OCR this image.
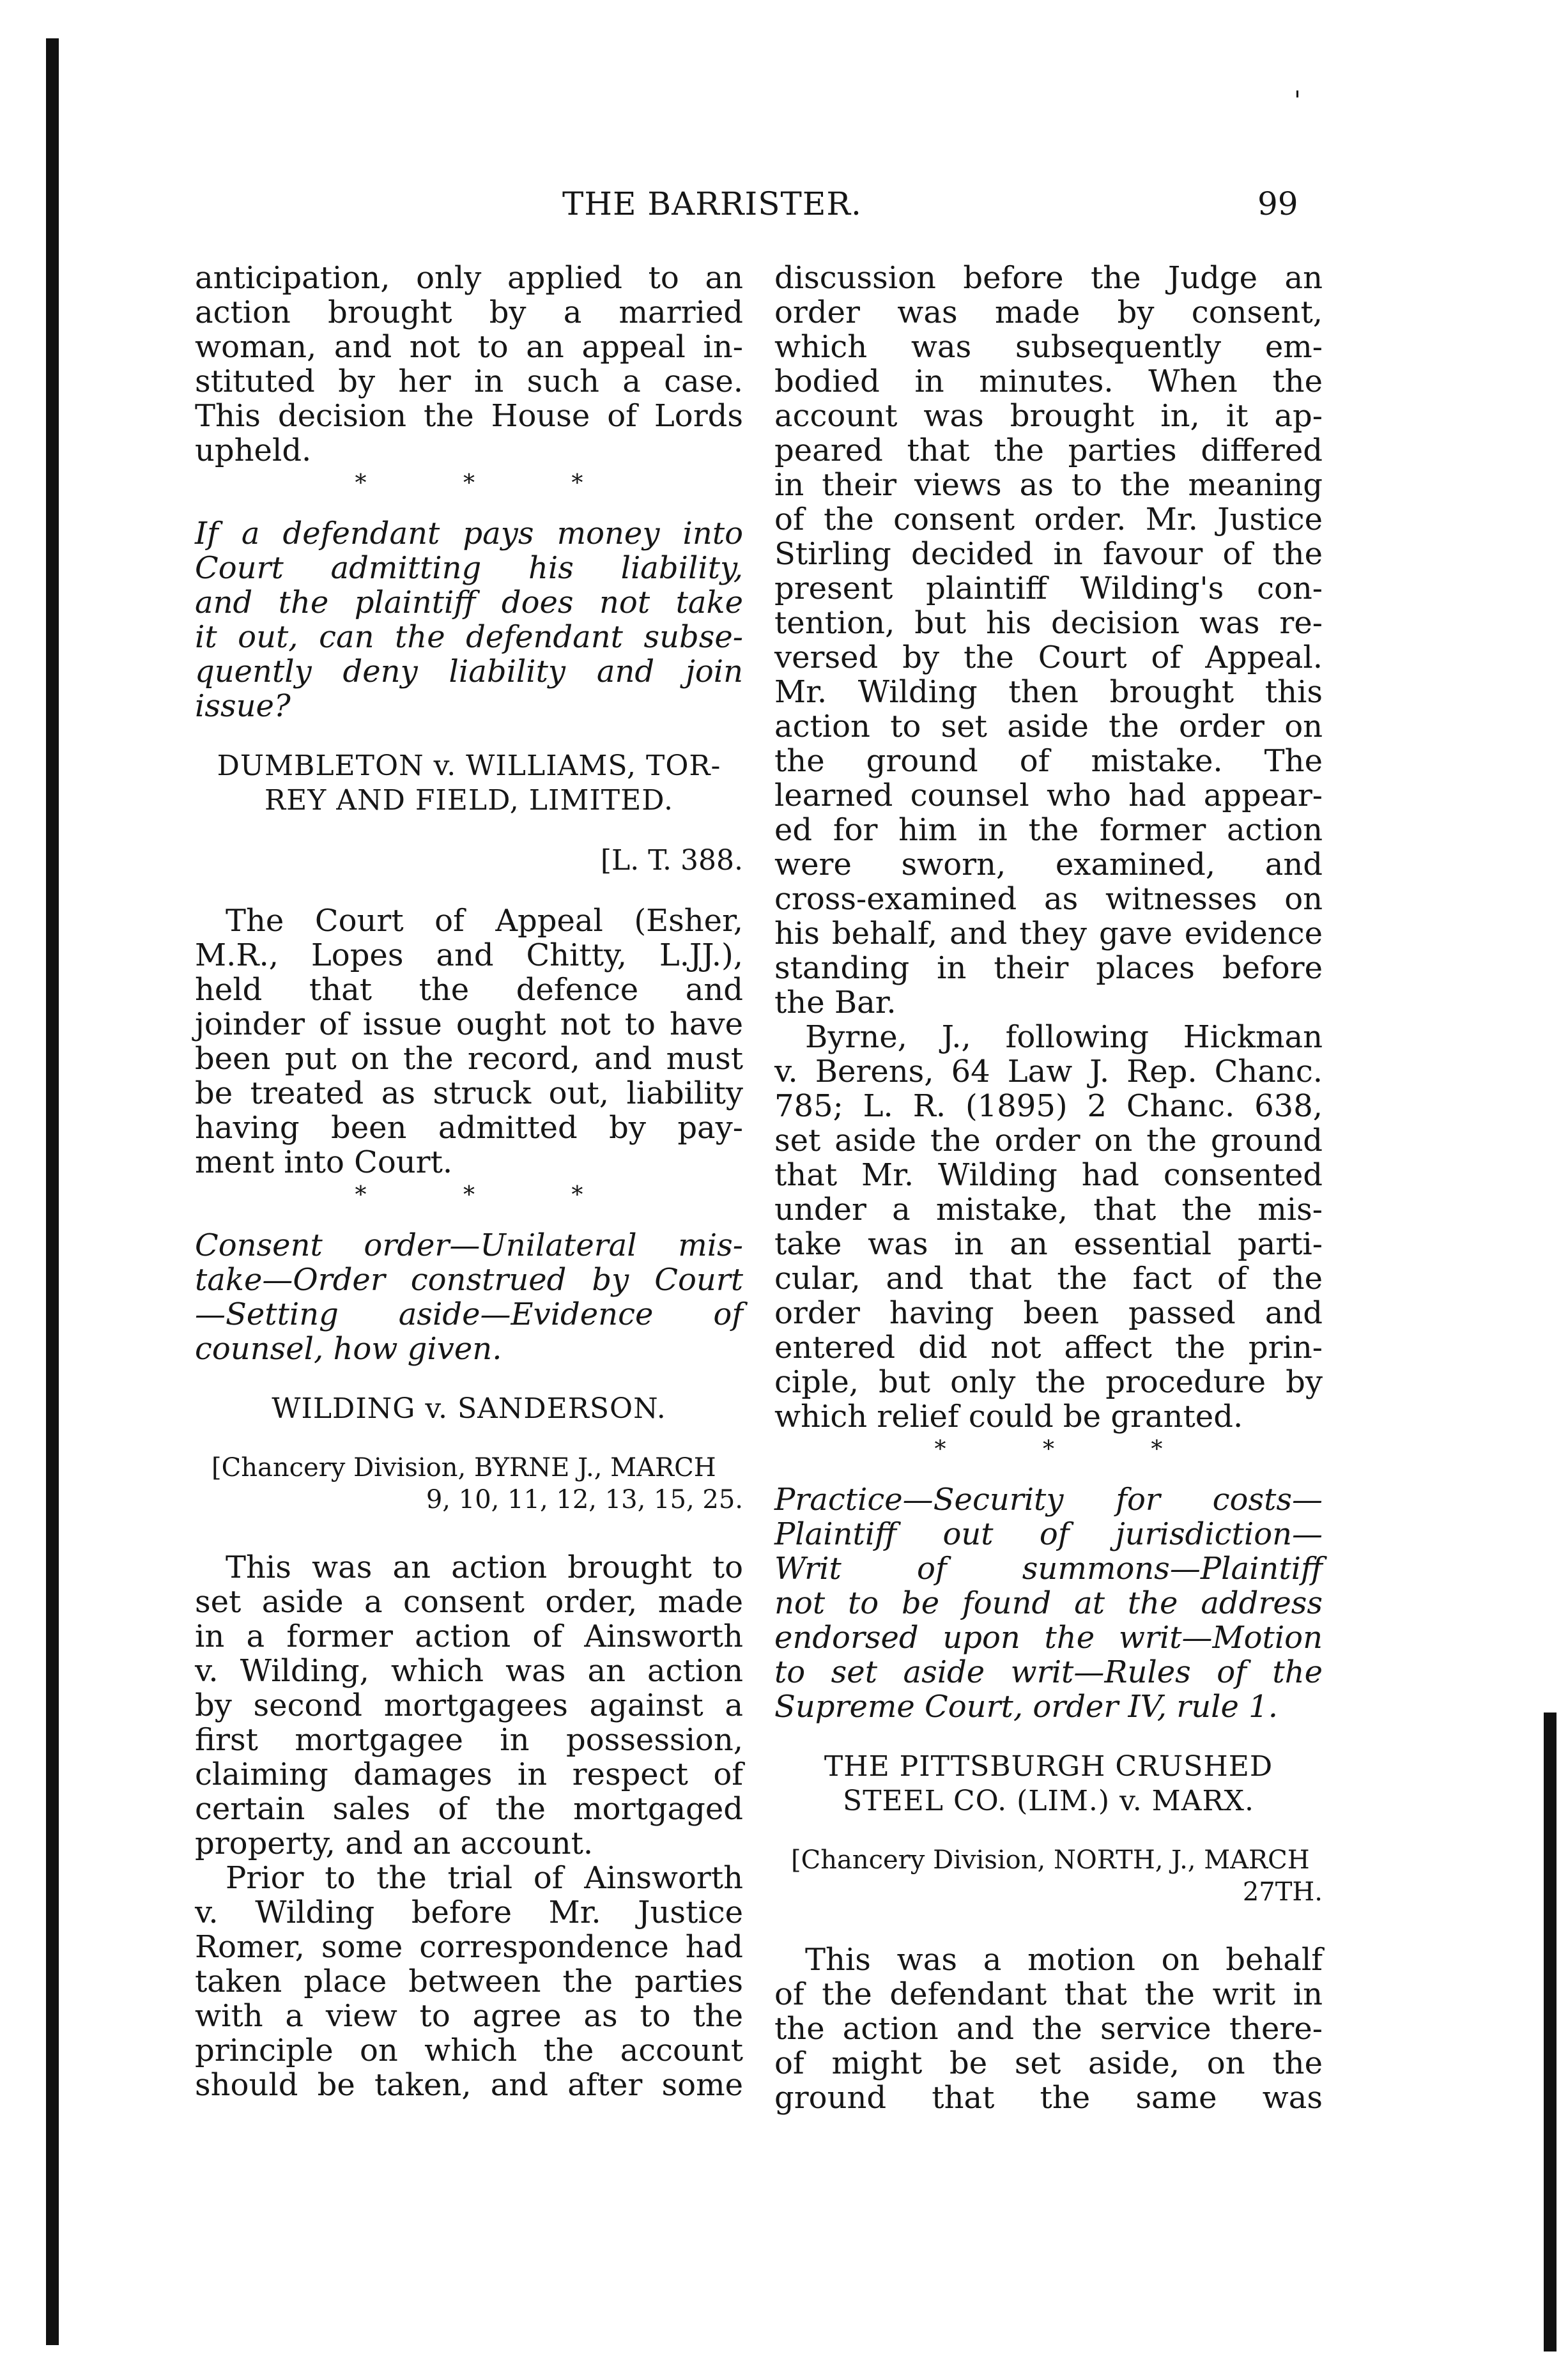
'
THE BARRISTER.	99

anticipation, only applied to an

action brought by a married

woman, and not to an appeal in-

stituted by her in such a case.

This decision the House of Lords

upheld.

* * *

If a defendant pays money into

Court admitting his liability,

and the plaintiff does not take

it out, can the defendant subse-

quently deny liability and join

issue?

DUMBLETON v. WILLIAMS, TOR-

REY AND FIELD, LIMITED.

[L. T. 388.

The Court of Appeal (Esher,

M.R., Lopes and Chitty, L.JJ.),

held that the defence and

joinder of issue ought not to have

been put on the record, and must

be treated as struck out, liability

having been admitted by pay-

ment into Court.

* * *

Consent order—Unilateral mis-

take—Order construed by Court

—Setting aside—Evidence of

counsel, how given.

WILDING v. SANDERSON.

[Chancery Division, BYRNE J., MARCH

9, 10, 11, 12, 13, 15, 25.

This was an action brought to

set aside a consent order, made

in a former action of Ainsworth

v. Wilding, which was an action

by second mortgagees against a

first mortgagee in possession,

claiming damages in respect of

certain sales of the mortgaged

property, and an account.

Prior to the trial of Ainsworth

v. Wilding before Mr. Justice

Romer, some correspondence had

taken place between the parties

with a view to agree as to the

principle on which the account

should be taken, and after some

discussion before the Judge an

order was made by consent,

which was subsequently em-

bodied in minutes. When the

account was brought in, it ap-

peared that the parties differed

in their views as to the meaning

of the consent order. Mr. Justice

Stirling decided in favour of the

present plaintiff Wilding's con-

tention, but his decision was re-

versed by the Court of Appeal.

Mr. Wilding then brought this

action to set aside the order on

the ground of mistake. The

learned counsel who had appear-

ed for him in the former action

were sworn, examined, and

cross-examined as witnesses on

his behalf, and they gave evidence

standing in their places before

the Bar.

Byrne, J., following Hickman

v. Berens, 64 Law J. Rep. Chanc.

785; L. R. (1895) 2 Chanc. 638,

set aside the order on the ground

that Mr. Wilding had consented

under a mistake, that the mis-

take was in an essential parti-

cular, and that the fact of the

order having been passed and

entered did not affect the prin-

ciple, but only the procedure by

which relief could be granted.

* * *

Practice—Security for costs—

Plaintiff out of jurisdiction—

Writ of summons—Plaintiff

not to be found at the address

endorsed upon the writ—Motion

to set aside writ—Rules of the

Supreme Court, order IV, rule 1.

THE PITTSBURGH CRUSHED

STEEL CO. (LIM.) v. MARX.

[Chancery Division, NORTH, J., MARCH

27TH.

This was a motion on behalf

of the defendant that the writ in

the action and the service there-

of might be set aside, on the

ground that the same was
